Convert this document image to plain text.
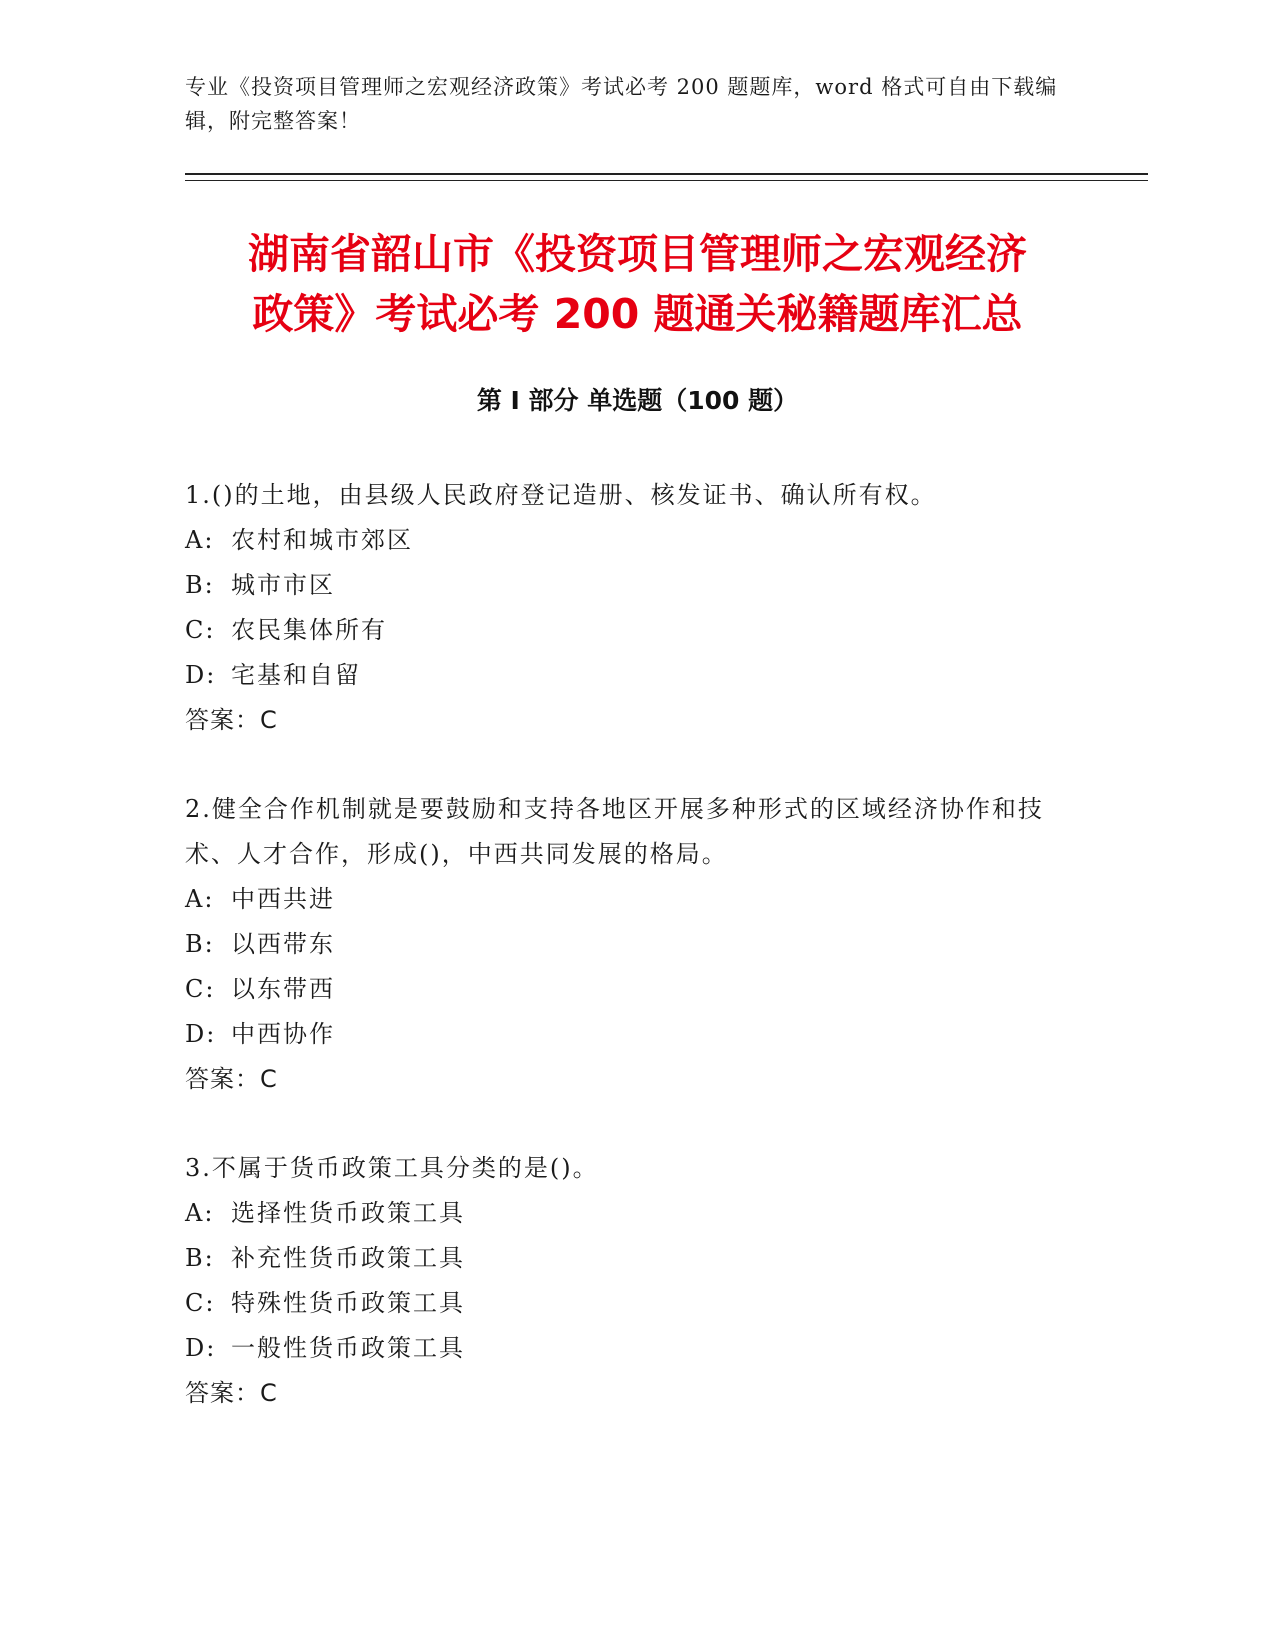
专业《投资项目管理师之宏观经济政策》考试必考 200 题题库，word 格式可自由下载编辑，附完整答案！
湖南省韶山市《投资项目管理师之宏观经济
政策》考试必考 200 题通关秘籍题库汇总
第 I 部分 单选题（100 题）
1.()的土地，由县级人民政府登记造册、核发证书、确认所有权。
A: 农村和城市郊区
B: 城市市区
C: 农民集体所有
D: 宅基和自留
答案：C
2.健全合作机制就是要鼓励和支持各地区开展多种形式的区域经济协作和技术、人才合作，形成()，中西共同发展的格局。
A: 中西共进
B: 以西带东
C: 以东带西
D: 中西协作
答案：C
3.不属于货币政策工具分类的是()。
A: 选择性货币政策工具
B: 补充性货币政策工具
C: 特殊性货币政策工具
D: 一般性货币政策工具
答案：C
